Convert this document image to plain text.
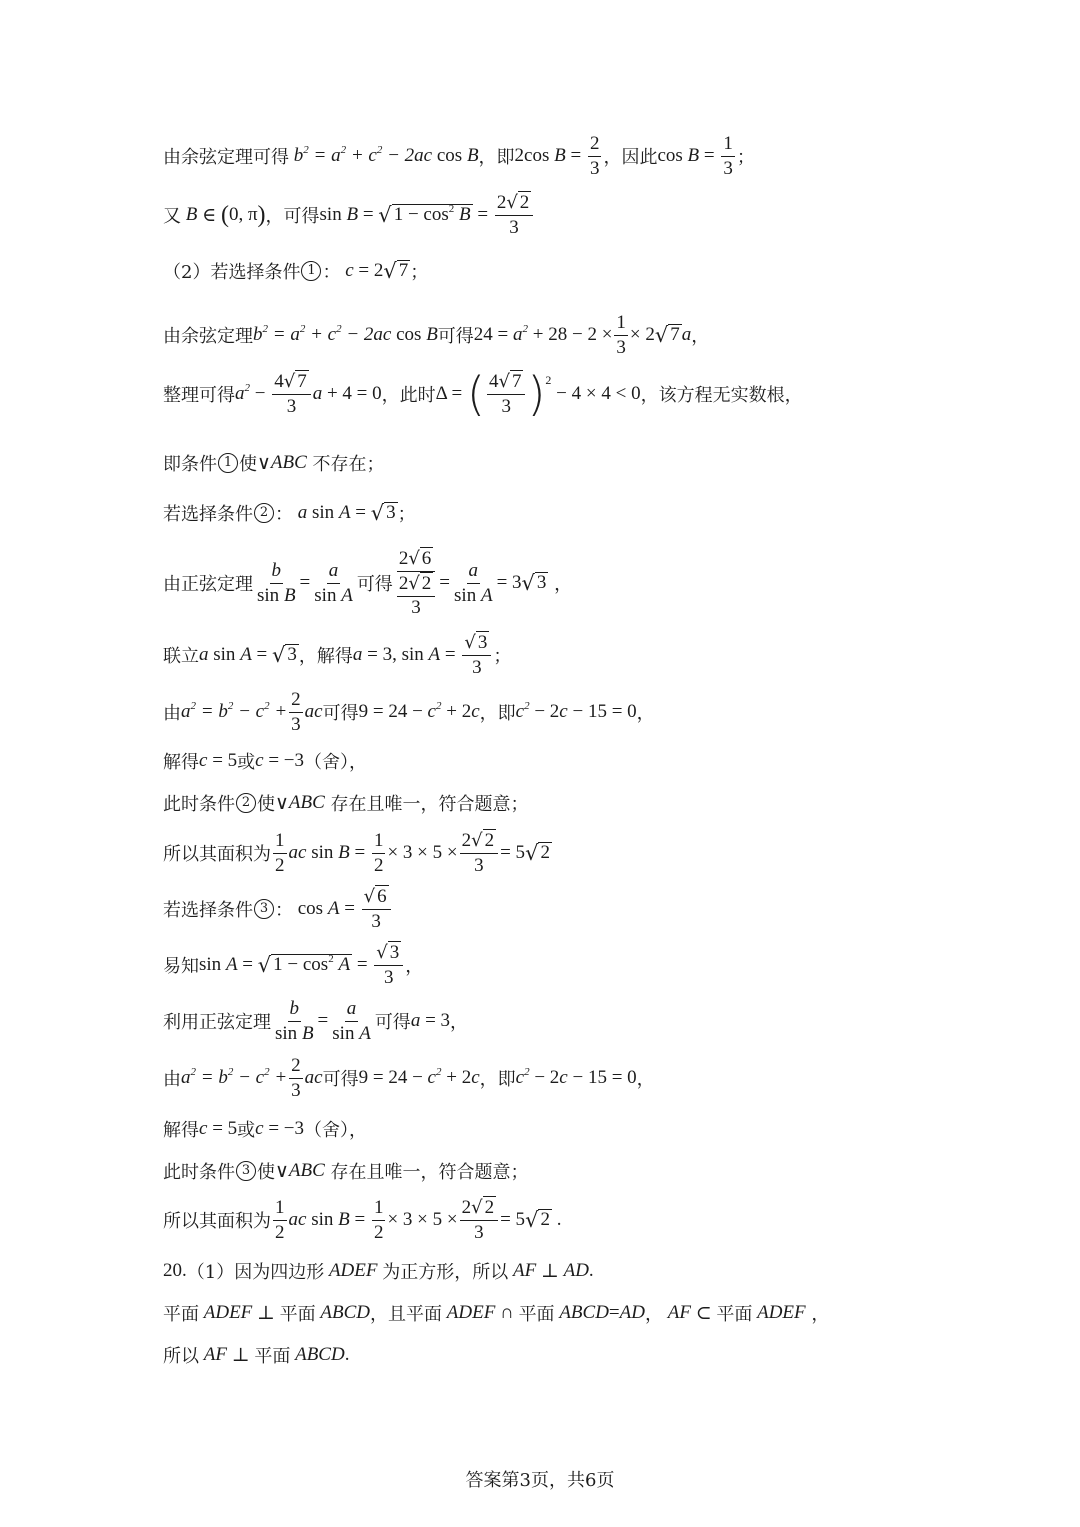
由余弦定理可得 $b^2 = a^2 + c^2 - 2ac$ cos B ，即 2cos $B = \frac{2}{3}$ ，因此 $\cos B = \frac{1}{3}$ ；
又 B ∈ ( 0, π ) ，可得 sin B = √ $1 - \cos^2 B = \frac{2√ 2}{3}$
（2）若选择条件 1 ： c = 2 √ 7 ；
由余弦定理 $b^2 = a^2 + c^2 - 2ac$ cos B 可得 $24 = a^2 + 28 - 2 \times \frac{1}{3} \times 2$ √ 7 a ，
整理可得 $a^2 - \frac{4√ 7}{3}$ a + 4 = 0 ，此时 Δ = ( $\frac{4√ 7}{3}$ ) 2
− 4 × 4 < 0 ，该方程无实数根，
即条件 1 使 ∨ ABC 不存在；
若选择条件 2 ： a sin A = √ 3 ；
由正弦定理 $\frac{b}{\text{sin B}} = \frac{a}{\text{sin A}}$ 可得 2√ 6
2√ 2
$3 = \frac{a}{\text{sin A}} = 3$ √ 3 ，
联立 a sin A = √ 3 ，解得 a = 3, $\sin A = \frac{√ 3}{3}$ ；
由 $a^2 = b^2 - c^2 + \frac{2}{3}$ ac 可得 $9 = 24 - c^2 + 2$ c ，即 $c^2 - 2$ c − 15 = 0 ，
解得 c = 5 或 c = −3 （舍），
此时条件 2 使 ∨ ABC 存在且唯一，符合题意；
所以其面积为 $\frac{1}{2}$ ac $\sin B = \frac{1}{2} \times 3 \times 5 \times \frac{2√ 2}{3} = 5$ √ 2
若选择条件 3 ： $\cos A = \frac{√ 6}{3}$
易知 sin A = √ $1 - \cos^2 A = \frac{√ 3}{3}$ ，
利用正弦定理 $\frac{b}{\text{sin B}} = \frac{a}{\text{sin A}}$ 可得 a = 3 ，
由 $a^2 = b^2 - c^2 + \frac{2}{3}$ ac 可得 $9 = 24 - c^2 + 2$ c ，即 $c^2 - 2$ c − 15 = 0 ，
解得 c = 5 或 c = −3 （舍），
此时条件 3 使 ∨ ABC 存在且唯一，符合题意；
所以其面积为 $\frac{1}{2}$ ac $\sin B = \frac{1}{2} \times 3 \times 5 \times \frac{2√ 2}{3} = 5$ √ 2 .
20. （1）因为四边形 ADEF 为正方形，所以 AF ⊥ AD .
平面 ADEF ⊥ 平面 ABCD ，且平面 ADEF ∩ 平面 ABCD = AD ， AF ⊂ 平面 ADEF ，
所以 AF ⊥ 平面 ABCD .
答案第3页，共6页
